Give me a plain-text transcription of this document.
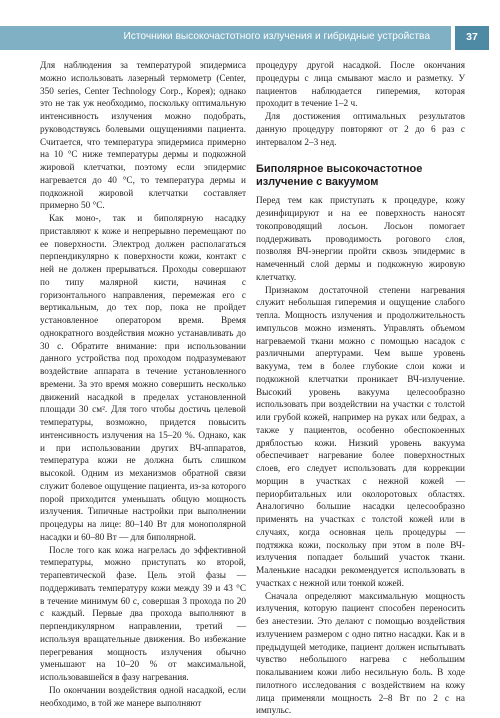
Источники высокочастотного излучения и гибридные устройства	37

Для наблюдения за температурой эпидермиса можно использовать лазерный термометр (Center, 350 series, Center Technology Corp., Корея); однако это не так уж необходимо, поскольку оптимальную интенсивность излучения можно подобрать, руководствуясь болевыми ощущениями пациента. Считается, что температура эпидермиса примерно на 10 °C ниже температуры дермы и подкожной жировой клетчатки, поэтому если эпидермис нагревается до 40 °C, то температура дермы и подкожной жировой клетчатки составляет примерно 50 °C.

Как моно-, так и биполярную насадку приставляют к коже и непрерывно перемещают по ее поверхности. Электрод должен располагаться перпендикулярно к поверхности кожи, контакт с ней не должен прерываться. Проходы совершают по типу малярной кисти, начиная с горизонтального направления, перемежая его с вертикальным, до тех пор, пока не пройдет установленное оператором время. Время однократного воздействия можно устанавливать до 30 с. Обратите внимание: при использовании данного устройства под проходом подразумевают воздействие аппарата в течение установленного времени. За это время можно совершить несколько движений насадкой в пределах установленной площади 30 см². Для того чтобы достичь целевой температуры, возможно, придется повысить интенсивность излучения на 15–20 %. Однако, как и при использовании других ВЧ-аппаратов, температура кожи не должна быть слишком высокой. Одним из механизмов обратной связи служит болевое ощущение пациента, из-за которого порой приходится уменьшать общую мощность излучения. Типичные настройки при выполнении процедуры на лице: 80–140 Вт для монополярной насадки и 60–80 Вт — для биполярной.

После того как кожа нагрелась до эффективной температуры, можно приступать ко второй, терапевтической фазе. Цель этой фазы — поддерживать температуру кожи между 39 и 43 °C в течение минимум 60 с, совершая 3 прохода по 20 с каждый. Первые два прохода выполняют в перпендикулярном направлении, третий — используя вращательные движения. Во избежание перегревания мощность излучения обычно уменьшают на 10–20 % от максимальной, использовавшейся в фазу нагревания.

По окончании воздействия одной насадкой, если необходимо, в той же манере выполняют

процедуру другой насадкой. После окончания процедуры с лица смывают масло и разметку. У пациентов наблюдается гиперемия, которая проходит в течение 1–2 ч.

Для достижения оптимальных результатов данную процедуру повторяют от 2 до 6 раз с интервалом 2–3 нед.

Биполярное высокочастотное излучение с вакуумом

Перед тем как приступать к процедуре, кожу дезинфицируют и на ее поверхность наносят токопроводящий лосьон. Лосьон помогает поддерживать проводимость рогового слоя, позволяя ВЧ-энергии пройти сквозь эпидермис в намеченный слой дермы и подкожную жировую клетчатку.

Признаком достаточной степени нагревания служит небольшая гиперемия и ощущение слабого тепла. Мощность излучения и продолжительность импульсов можно изменять. Управлять объемом нагреваемой ткани можно с помощью насадок с различными апертурами. Чем выше уровень вакуума, тем в более глубокие слои кожи и подкожной клетчатки проникает ВЧ-излучение. Высокий уровень вакуума целесообразно использовать при воздействии на участки с толстой или грубой кожей, например на руках или бедрах, а также у пациентов, особенно обеспокоенных дряблостью кожи. Низкий уровень вакуума обеспечивает нагревание более поверхностных слоев, его следует использовать для коррекции морщин в участках с нежной кожей — периорбитальных или околоротовых областях. Аналогично большие насадки целесообразно применять на участках с толстой кожей или в случаях, когда основная цель процедуры — подтяжка кожи, поскольку при этом в поле ВЧ-излучения попадает больший участок ткани. Маленькие насадки рекомендуется использовать в участках с нежной или тонкой кожей.

Сначала определяют максимальную мощность излучения, которую пациент способен переносить без анестезии. Это делают с помощью воздействия излучением размером с одно пятно насадки. Как и в предыдущей методике, пациент должен испытывать чувство небольшого нагрева с небольшим покалыванием кожи либо несильную боль. В ходе пилотного исследования с воздействием на кожу лица применяли мощность 2–8 Вт по 2 с на импульс.
